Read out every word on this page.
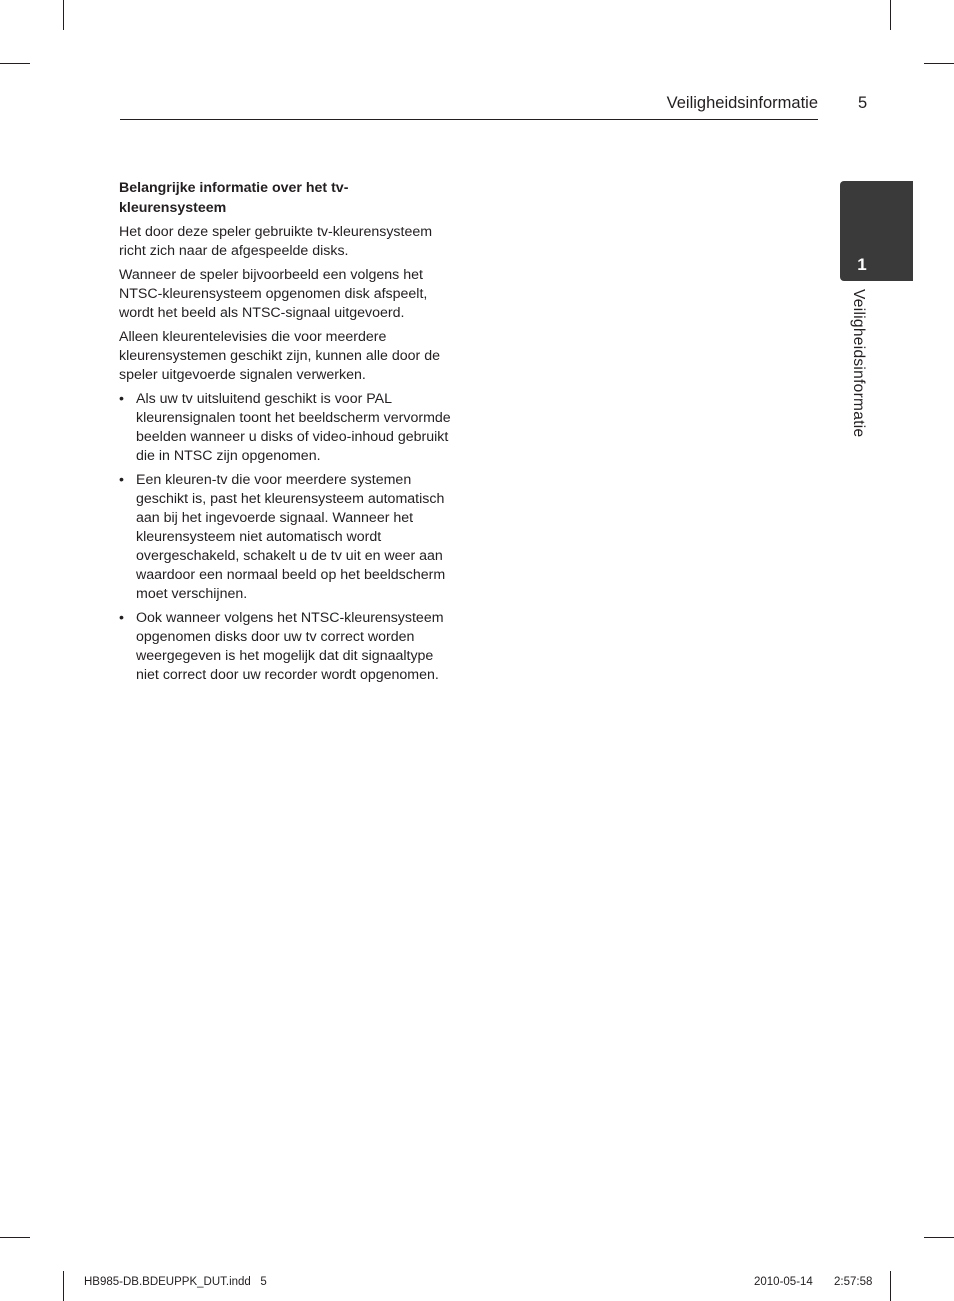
Veiligheidsinformatie 5
1
Veiligheidsinformatie
Belangrijke informatie over het tv-kleurensysteem

Het door deze speler gebruikte tv-kleurensysteem richt zich naar de afgespeelde disks.

Wanneer de speler bijvoorbeeld een volgens het NTSC-kleurensysteem opgenomen disk afspeelt, wordt het beeld als NTSC-signaal uitgevoerd.

Alleen kleurentelevisies die voor meerdere kleurensystemen geschikt zijn, kunnen alle door de speler uitgevoerde signalen verwerken.

• Als uw tv uitsluitend geschikt is voor PAL kleurensignalen toont het beeldscherm vervormde beelden wanneer u disks of video-inhoud gebruikt die in NTSC zijn opgenomen.
• Een kleuren-tv die voor meerdere systemen geschikt is, past het kleurensysteem automatisch aan bij het ingevoerde signaal. Wanneer het kleurensysteem niet automatisch wordt overgeschakeld, schakelt u de tv uit en weer aan waardoor een normaal beeld op het beeldscherm moet verschijnen.
• Ook wanneer volgens het NTSC-kleurensysteem opgenomen disks door uw tv correct worden weergegeven is het mogelijk dat dit signaaltype niet correct door uw recorder wordt opgenomen.
HB985-DB.BDEUPPK_DUT.indd   5	2010-05-14 2:57:58
